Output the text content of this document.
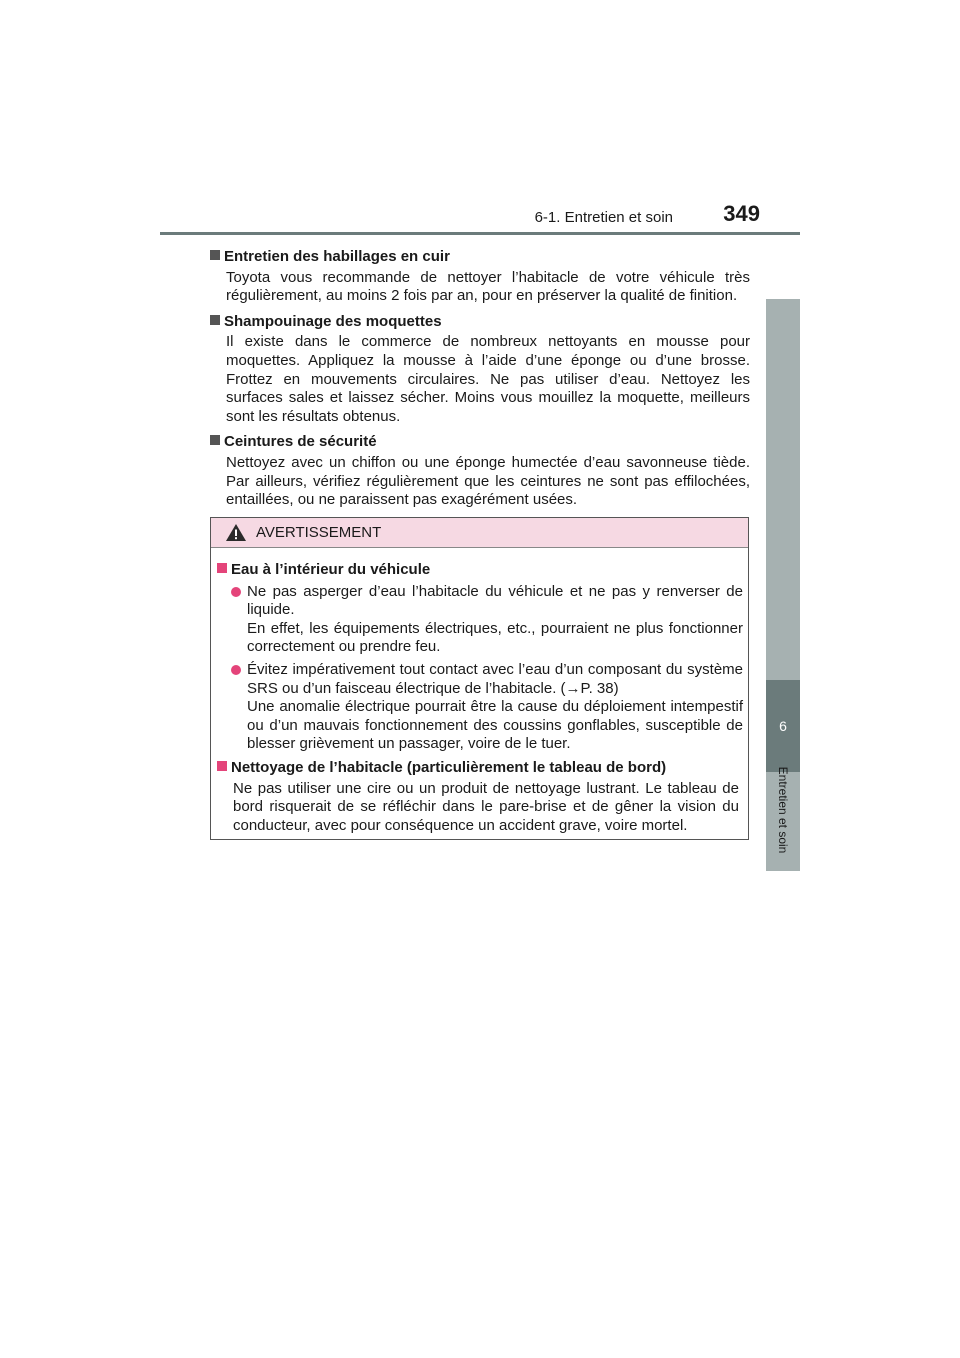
6-1. Entretien et soin	349
6
Entretien et soin
Entretien des habillages en cuir
Toyota vous recommande de nettoyer l’habitacle de votre véhicule très régulièrement, au moins 2 fois par an, pour en préserver la qualité de finition.
Shampouinage des moquettes
Il existe dans le commerce de nombreux nettoyants en mousse pour moquettes. Appliquez la mousse à l’aide d’une éponge ou d’une brosse. Frottez en mouvements circulaires. Ne pas utiliser d’eau. Nettoyez les surfaces sales et laissez sécher. Moins vous mouillez la moquette, meilleurs sont les résultats obtenus.
Ceintures de sécurité
Nettoyez avec un chiffon ou une éponge humectée d’eau savonneuse tiède. Par ailleurs, vérifiez régulièrement que les ceintures ne sont pas effilochées, entaillées, ou ne paraissent pas exagérément usées.
AVERTISSEMENT
Eau à l’intérieur du véhicule
Ne pas asperger d’eau l’habitacle du véhicule et ne pas y renverser de liquide.
En effet, les équipements électriques, etc., pourraient ne plus fonctionner correctement ou prendre feu.
Évitez impérativement tout contact avec l’eau d’un composant du système SRS ou d’un faisceau électrique de l’habitacle. (→P. 38)
Une anomalie électrique pourrait être la cause du déploiement intempestif ou d’un mauvais fonctionnement des coussins gonflables, susceptible de blesser grièvement un passager, voire de le tuer.
Nettoyage de l’habitacle (particulièrement le tableau de bord)
Ne pas utiliser une cire ou un produit de nettoyage lustrant. Le tableau de bord risquerait de se réfléchir dans le pare-brise et de gêner la vision du conducteur, avec pour conséquence un accident grave, voire mortel.
